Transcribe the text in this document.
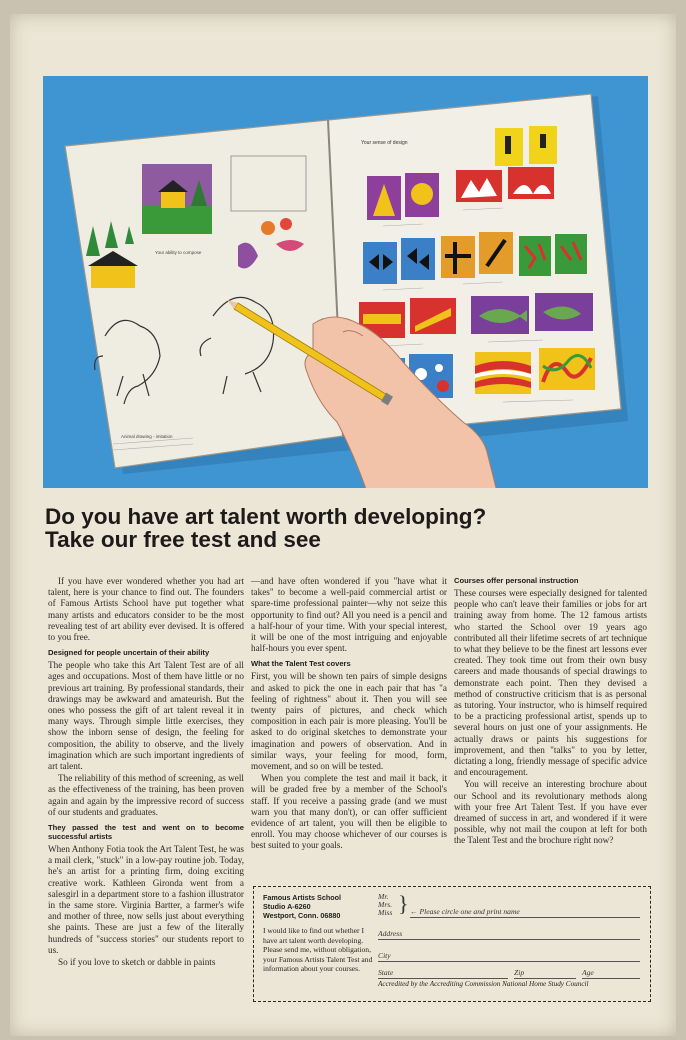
Your ability to compose
Animal drawing - imitation
Your sense of design
Do you have art talent worth developing?
Take our free test and see

If you have ever wondered whether you had art talent, here is your chance to find out. The founders of Famous Artists School have put together what many artists and educators consider to be the most revealing test of art ability ever devised. It is offered to you free.

Designed for people uncertain of their ability

The people who take this Art Talent Test are of all ages and occupations. Most of them have little or no previous art training. By professional standards, their drawings may be awkward and amateurish. But the ones who possess the gift of art talent reveal it in many ways. Through simple little exercises, they show the inborn sense of design, the feeling for composition, the ability to observe, and the lively imagination which are such important ingredients of art talent.

The reliability of this method of screening, as well as the effectiveness of the training, has been proven again and again by the impressive record of success of our students and graduates.

They passed the test and went on to become successful artists

When Anthony Fotia took the Art Talent Test, he was a mail clerk, "stuck" in a low-pay routine job. Today, he's an artist for a printing firm, doing exciting creative work. Kathleen Gironda went from a salesgirl in a department store to a fashion illustrator in the same store. Virginia Bartter, a farmer's wife and mother of three, now sells just about everything she paints. These are just a few of the literally hundreds of "success stories" our students report to us.

So if you love to sketch or dabble in paints

—and have often wondered if you "have what it takes" to become a well-paid commercial artist or spare-time professional painter—why not seize this opportunity to find out? All you need is a pencil and a half-hour of your time. With your special interest, it will be one of the most intriguing and enjoyable half-hours you ever spent.

What the Talent Test covers

First, you will be shown ten pairs of simple designs and asked to pick the one in each pair that has "a feeling of rightness" about it. Then you will see twenty pairs of pictures, and check which composition in each pair is more pleasing. You'll be asked to do original sketches to demonstrate your imagination and powers of observation. And in similar ways, your feeling for mood, form, movement, and so on will be tested.

When you complete the test and mail it back, it will be graded free by a member of the School's staff. If you receive a passing grade (and we must warn you that many don't), or can offer sufficient evidence of art talent, you will then be eligible to enroll. You may choose whichever of our courses is best suited to your goals.

Courses offer personal instruction

These courses were especially designed for talented people who can't leave their families or jobs for art training away from home. The 12 famous artists who started the School over 19 years ago contributed all their lifetime secrets of art technique to what they believe to be the finest art lessons ever created. They took time out from their own busy careers and made thousands of special drawings to demonstrate each point. Then they devised a method of constructive criticism that is as personal as tutoring. Your instructor, who is himself required to be a practicing professional artist, spends up to several hours on just one of your assignments. He actually draws or paints his suggestions for improvement, and then "talks" to you by letter, dictating a long, friendly message of specific advice and encouragement.

You will receive an interesting brochure about our School and its revolutionary methods along with your free Art Talent Test. If you have ever dreamed of success in art, and wondered if it were possible, why not mail the coupon at left for both the Talent Test and the brochure right now?

Famous Artists School
Studio A-6260
Westport, Conn. 06880
I would like to find out whether I have art talent worth developing. Please send me, without obligation, your Famous Artists Talent Test and information about your courses.
Mr.
Mrs.
Miss } ← Please circle one and print name
Address
City
State	Zip	Age
Accredited by the Accrediting Commission National Home Study Council
